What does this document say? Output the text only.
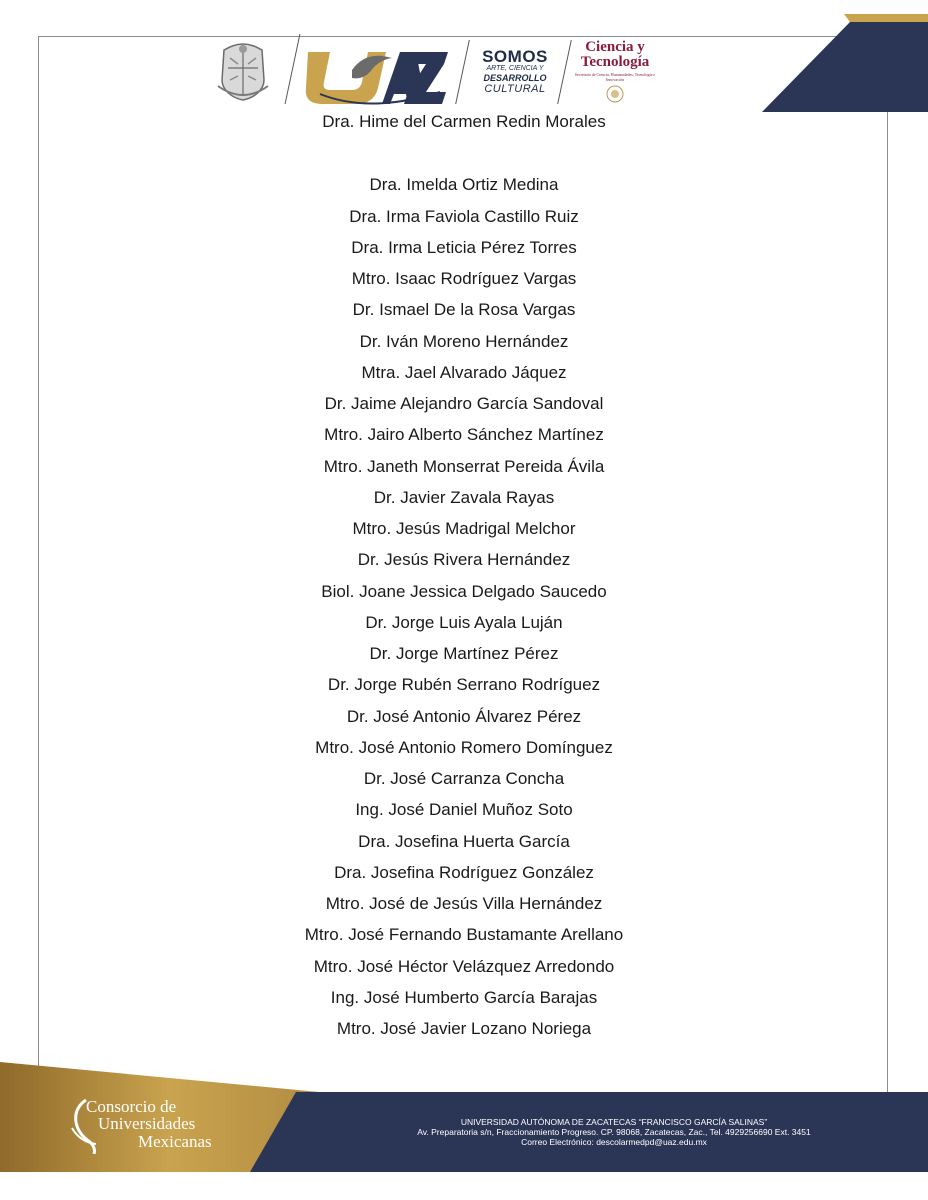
SOMOS
ARTE, CIENCIA Y
DESARROLLO
CULTURAL
Ciencia y
Tecnología
Secretaría de Ciencia, Humanidades, Tecnología e Innovación
Dra. Hime del Carmen Redin Morales
Dra. Imelda Ortiz Medina
Dra. Irma Faviola Castillo Ruiz
Dra. Irma Leticia Pérez Torres
Mtro. Isaac Rodríguez Vargas
Dr. Ismael De la Rosa Vargas
Dr. Iván Moreno Hernández
Mtra. Jael Alvarado Jáquez
Dr. Jaime Alejandro García Sandoval
Mtro. Jairo Alberto Sánchez Martínez
Mtro. Janeth Monserrat Pereida Ávila
Dr. Javier Zavala Rayas
Mtro. Jesús Madrigal Melchor
Dr. Jesús Rivera Hernández
Biol. Joane Jessica Delgado Saucedo
Dr. Jorge Luis Ayala Luján
Dr. Jorge Martínez Pérez
Dr. Jorge Rubén Serrano Rodríguez
Dr. José Antonio Álvarez Pérez
Mtro. José Antonio Romero Domínguez
Dr. José Carranza Concha
Ing. José Daniel Muñoz Soto
Dra. Josefina Huerta García
Dra. Josefina Rodríguez González
Mtro. José de Jesús Villa Hernández
Mtro. José Fernando Bustamante Arellano
Mtro. José Héctor Velázquez Arredondo
Ing. José Humberto García Barajas
Mtro. José Javier Lozano Noriega
Consorcio de
Universidades
Mexicanas
UNIVERSIDAD AUTÓNOMA DE ZACATECAS “FRANCISCO GARCÍA SALINAS”
Av. Preparatoria s/n, Fraccionamiento Progreso. CP. 98068, Zacatecas, Zac., Tel. 4929256690 Ext. 3451
Correo Electrónico: descolarmedpd@uaz.edu.mx
